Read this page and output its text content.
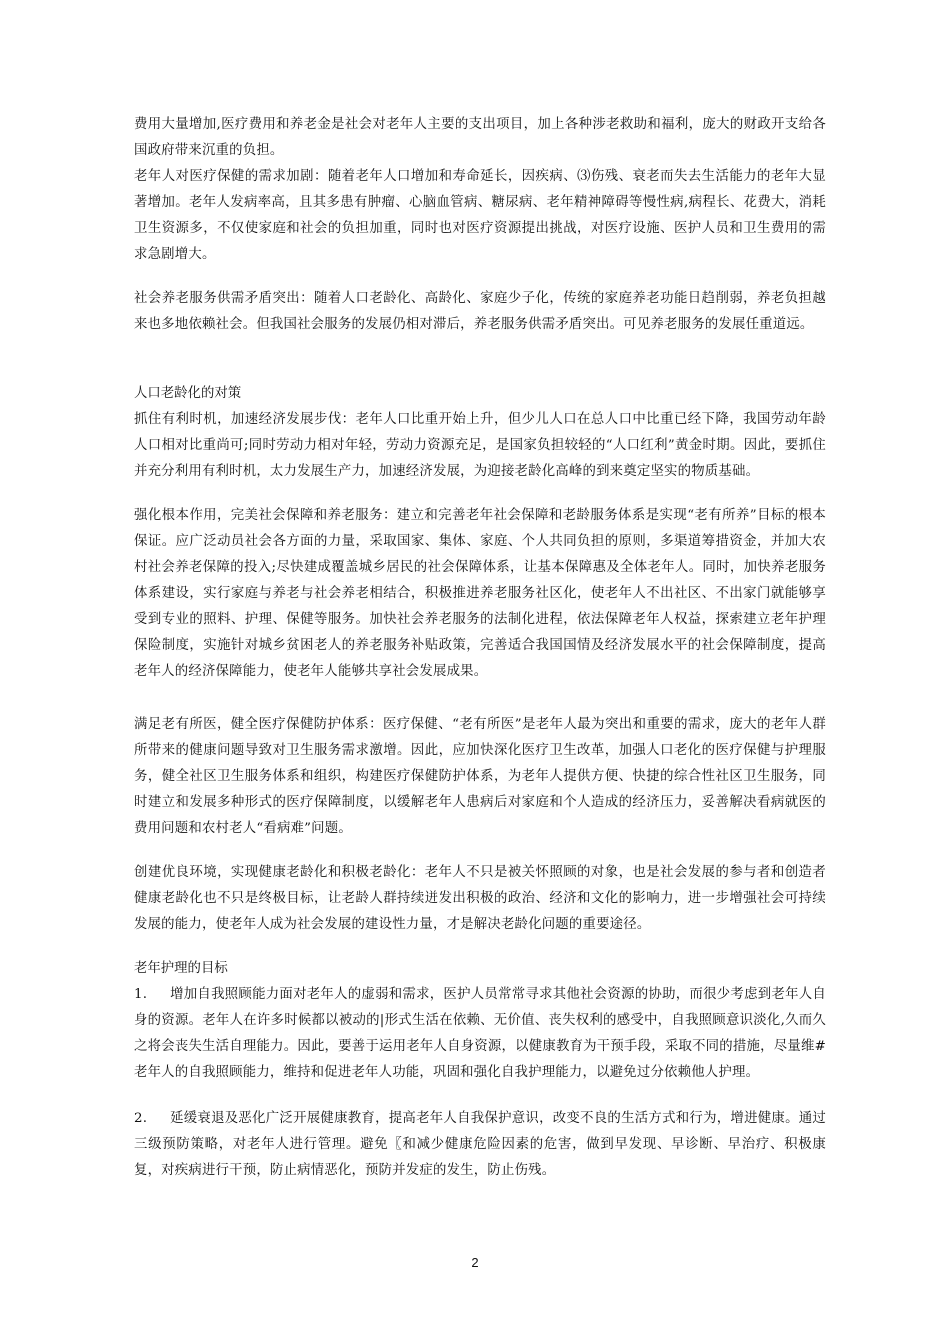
费用大量增加,医疗费用和养老金是社会对老年人主要的支出项目，加上各种涉老救助和福利，庞大的财政开支给各国政府带来沉重的负担。

老年人对医疗保健的需求加剧：随着老年人口增加和寿命延长，因疾病、⑶伤残、衰老而失去生活能力的老年大显著增加。老年人发病率高，且其多患有肿瘤、心脑血管病、糖尿病、老年精神障碍等慢性病,病程长、花费大，消耗卫生资源多，不仅使家庭和社会的负担加重，同时也对医疗资源提出挑战，对医疗设施、医护人员和卫生费用的需求急剧增大。

社会养老服务供需矛盾突出：随着人口老龄化、高龄化、家庭少子化，传统的家庭养老功能日趋削弱，养老负担越来也多地依赖社会。但我国社会服务的发展仍相对滞后，养老服务供需矛盾突出。可见养老服务的发展任重道远。

人口老龄化的对策

抓住有利时机，加速经济发展步伐：老年人口比重开始上升，但少儿人口在总人口中比重已经下降，我国劳动年龄人口相对比重尚可;同时劳动力相对年轻，劳动力资源充足，是国家负担较轻的“人口红利”黄金时期。因此，要抓住并充分利用有利时机，太力发展生产力，加速经济发展，为迎接老龄化高峰的到来奠定坚实的物质基础。

强化根本作用，完美社会保障和养老服务：建立和完善老年社会保障和老龄服务体系是实现“老有所养”目标的根本保证。应广泛动员社会各方面的力量，采取国家、集体、家庭、个人共同负担的原则，多渠道筹措资金，并加大农村社会养老保障的投入;尽快建成覆盖城乡居民的社会保障体系，让基本保障惠及全体老年人。同时，加快养老服务体系建设，实行家庭与养老与社会养老相结合，积极推进养老服务社区化，使老年人不出社区、不出家门就能够享受到专业的照料、护理、保健等服务。加快社会养老服务的法制化进程，依法保障老年人权益，探索建立老年护理保险制度，实施针对城乡贫困老人的养老服务补贴政策，完善适合我国国情及经济发展水平的社会保障制度，提高老年人的经济保障能力，使老年人能够共享社会发展成果。

满足老有所医，健全医疗保健防护体系：医疗保健、“老有所医”是老年人最为突出和重要的需求，庞大的老年人群所带来的健康问题导致对卫生服务需求激增。因此，应加快深化医疗卫生改革，加强人口老化的医疗保健与护理服务，健全社区卫生服务体系和组织，构建医疗保健防护体系，为老年人提供方便、快捷的综合性社区卫生服务，同时建立和发展多种形式的医疗保障制度，以缓解老年人患病后对家庭和个人造成的经济压力，妥善解决看病就医的费用问题和农村老人“看病难”问题。

创建优良环境，实现健康老龄化和积极老龄化：老年人不只是被关怀照顾的对象，也是社会发展的参与者和创造者健康老龄化也不只是终极目标，让老龄人群持续迸发出积极的政治、经济和文化的影响力，进一步增强社会可持续发展的能力，使老年人成为社会发展的建设性力量，才是解决老龄化问题的重要途径。

老年护理的目标

1. 增加自我照顾能力面对老年人的虚弱和需求，医护人员常常寻求其他社会资源的协助，而很少考虑到老年人自身的资源。老年人在许多时候都以被动的|形式生活在依赖、无价值、丧失权利的感受中，自我照顾意识淡化,久而久之将会丧失生活自理能力。因此，要善于运用老年人自身资源，以健康教育为干预手段，采取不同的措施，尽量维#老年人的自我照顾能力，维持和促进老年人功能，巩固和强化自我护理能力，以避免过分依赖他人护理。

2. 延缓衰退及恶化广泛开展健康教育，提高老年人自我保护意识，改变不良的生活方式和行为，增进健康。通过三级预防策略，对老年人进行管理。避免〖和减少健康危险因素的危害，做到早发现、早诊断、早治疗、积极康复，对疾病进行干预，防止病情恶化，预防并发症的发生，防止伤残。

2
